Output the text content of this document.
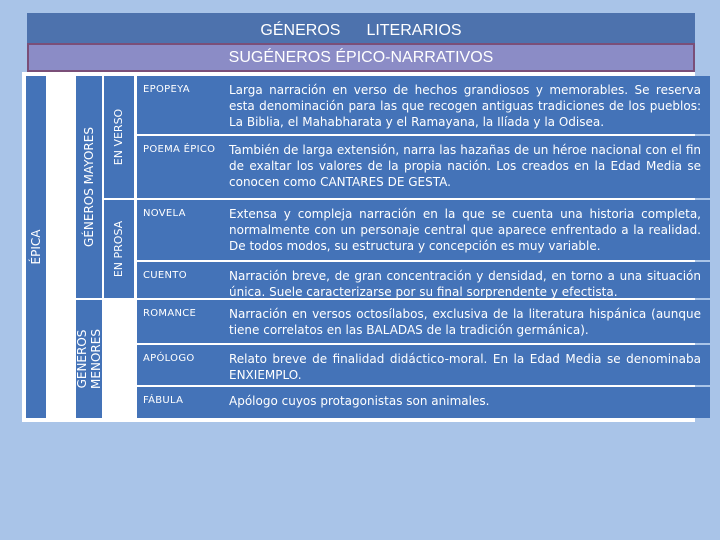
GÉNEROS LITERARIOS
SUGÉNEROS ÉPICO-NARRATIVOS
ÉPICA
GÉNEROS MAYORES
GÉNEROS MENORES
EN VERSO
EN PROSA
EPOPEYA	Larga narración en verso de hechos grandiosos y memorables. Se reserva esta denominación para las que recogen antiguas tradiciones de los pueblos: La Biblia, el Mahabharata y el Ramayana, la Ilíada y la Odisea.
POEMA ÉPICO	También de larga extensión, narra las hazañas de un héroe nacional con el fin de exaltar los valores de la propia nación. Los creados en la Edad Media se conocen como CANTARES DE GESTA.
NOVELA	Extensa y compleja narración en la que se cuenta una historia completa, normalmente con un personaje central que aparece enfrentado a la realidad. De todos modos, su estructura y concepción es muy variable.
CUENTO	Narración breve, de gran concentración y densidad, en torno a una situación única. Suele caracterizarse por su final sorprendente y efectista.
ROMANCE	Narración en versos octosílabos, exclusiva de la literatura hispánica (aunque tiene correlatos en las BALADAS de la tradición germánica).
APÓLOGO	Relato breve de finalidad didáctico-moral. En la Edad Media se denominaba ENXIEMPLO.
FÁBULA	Apólogo cuyos protagonistas son animales.
